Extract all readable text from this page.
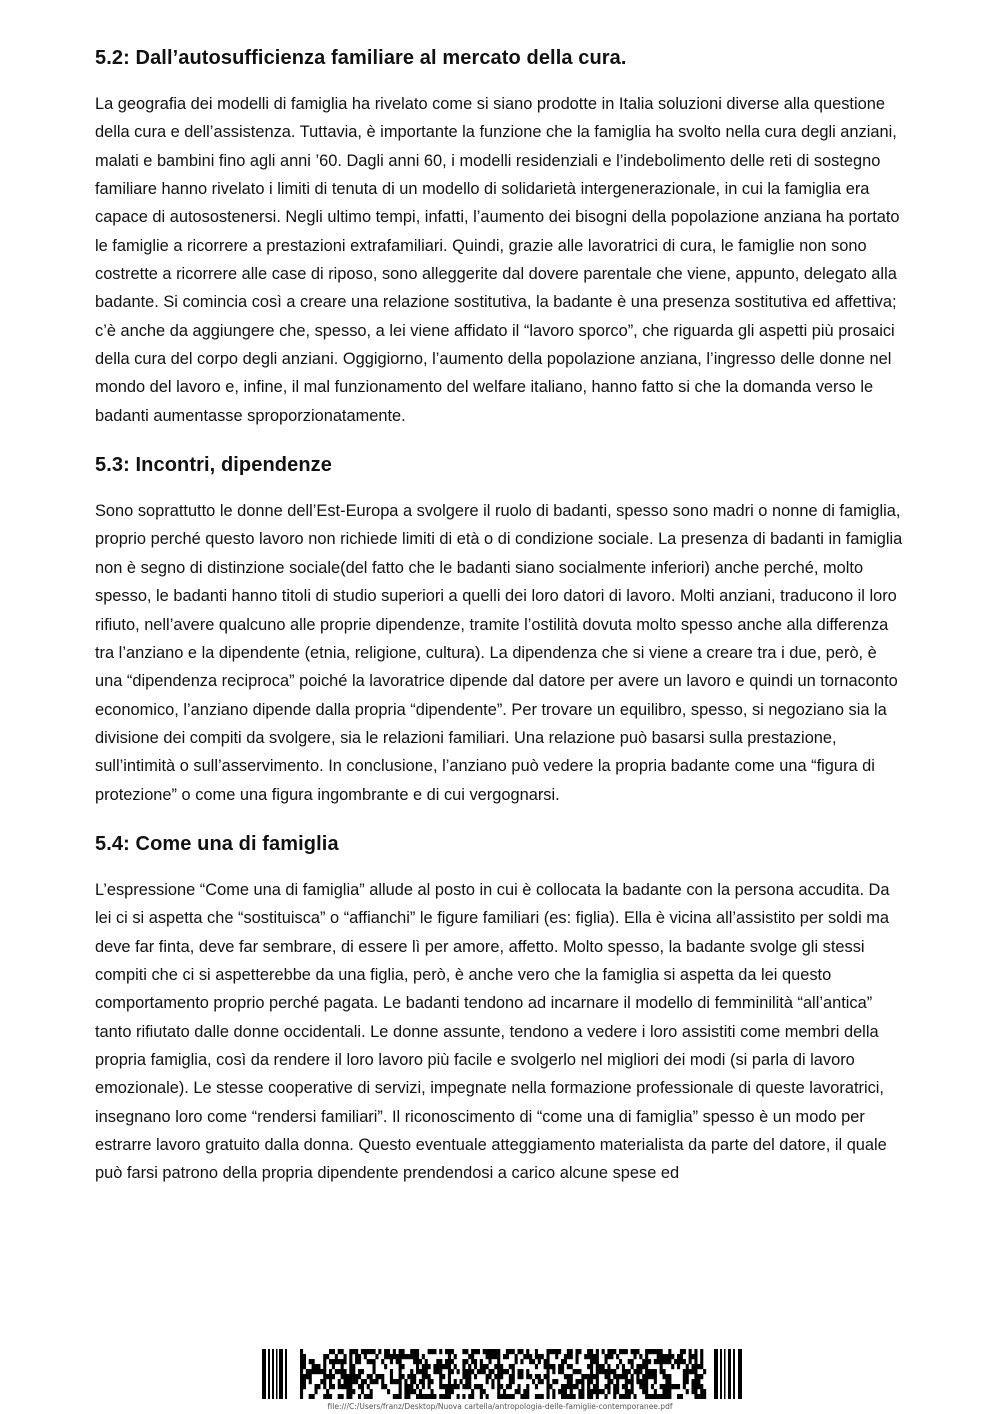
5.2: Dall’autosufficienza familiare al mercato della cura.

La geografia dei modelli di famiglia ha rivelato come si siano prodotte in Italia soluzioni diverse alla questione della cura e dell’assistenza. Tuttavia, è importante la funzione che la famiglia ha svolto nella cura degli anziani, malati e bambini fino agli anni ’60. Dagli anni 60, i modelli residenziali e l’indebolimento delle reti di sostegno familiare hanno rivelato i limiti di tenuta di un modello di solidarietà intergenerazionale, in cui la famiglia era capace di autosostenersi. Negli ultimo tempi, infatti, l’aumento dei bisogni della popolazione anziana ha portato le famiglie a ricorrere a prestazioni extrafamiliari. Quindi, grazie alle lavoratrici di cura, le famiglie non sono costrette a ricorrere alle case di riposo, sono alleggerite dal dovere parentale che viene, appunto, delegato alla badante. Si comincia così a creare una relazione sostitutiva, la badante è una presenza sostitutiva ed affettiva; c’è anche da aggiungere che, spesso, a lei viene affidato il “lavoro sporco”, che riguarda gli aspetti più prosaici della cura del corpo degli anziani. Oggigiorno, l’aumento della popolazione anziana, l’ingresso delle donne nel mondo del lavoro e, infine, il mal funzionamento del welfare italiano, hanno fatto si che la domanda verso le badanti aumentasse sproporzionatamente.

5.3: Incontri, dipendenze

Sono soprattutto le donne dell’Est-Europa a svolgere il ruolo di badanti, spesso sono madri o nonne di famiglia, proprio perché questo lavoro non richiede limiti di età o di condizione sociale. La presenza di badanti in famiglia non è segno di distinzione sociale(del fatto che le badanti siano socialmente inferiori) anche perché, molto spesso, le badanti hanno titoli di studio superiori a quelli dei loro datori di lavoro. Molti anziani, traducono il loro rifiuto, nell’avere qualcuno alle proprie dipendenze, tramite l’ostilità dovuta molto spesso anche alla differenza tra l’anziano e la dipendente (etnia, religione, cultura). La dipendenza che si viene a creare tra i due, però, è una “dipendenza reciproca” poiché la lavoratrice dipende dal datore per avere un lavoro e quindi un tornaconto economico, l’anziano dipende dalla propria “dipendente”. Per trovare un equilibro, spesso, si negoziano sia la divisione dei compiti da svolgere, sia le relazioni familiari. Una relazione può basarsi sulla prestazione, sull’intimità o sull’asservimento. In conclusione, l’anziano può vedere la propria badante come una “figura di protezione” o come una figura ingombrante e di cui vergognarsi.

5.4: Come una di famiglia

L’espressione “Come una di famiglia” allude al posto in cui è collocata la badante con la persona accudita. Da lei ci si aspetta che “sostituisca” o “affianchi” le figure familiari (es: figlia). Ella è vicina all’assistito per soldi ma deve far finta, deve far sembrare, di essere lì per amore, affetto. Molto spesso, la badante svolge gli stessi compiti che ci si aspetterebbe da una figlia, però, è anche vero che la famiglia si aspetta da lei questo comportamento proprio perché pagata. Le badanti tendono ad incarnare il modello di femminilità “all’antica” tanto rifiutato dalle donne occidentali. Le donne assunte, tendono a vedere i loro assistiti come membri della propria famiglia, così da rendere il loro lavoro più facile e svolgerlo nel migliori dei modi (si parla di lavoro emozionale). Le stesse cooperative di servizi, impegnate nella formazione professionale di queste lavoratrici, insegnano loro come “rendersi familiari”. Il riconoscimento di “come una di famiglia” spesso è un modo per estrarre lavoro gratuito dalla donna. Questo eventuale atteggiamento materialista da parte del datore, il quale può farsi patrono della propria dipendente prendendosi a carico alcune spese ed

file:///C:/Users/franz/Desktop/Nuova cartella/antropologia-delle-famiglie-contemporanee.pdf
